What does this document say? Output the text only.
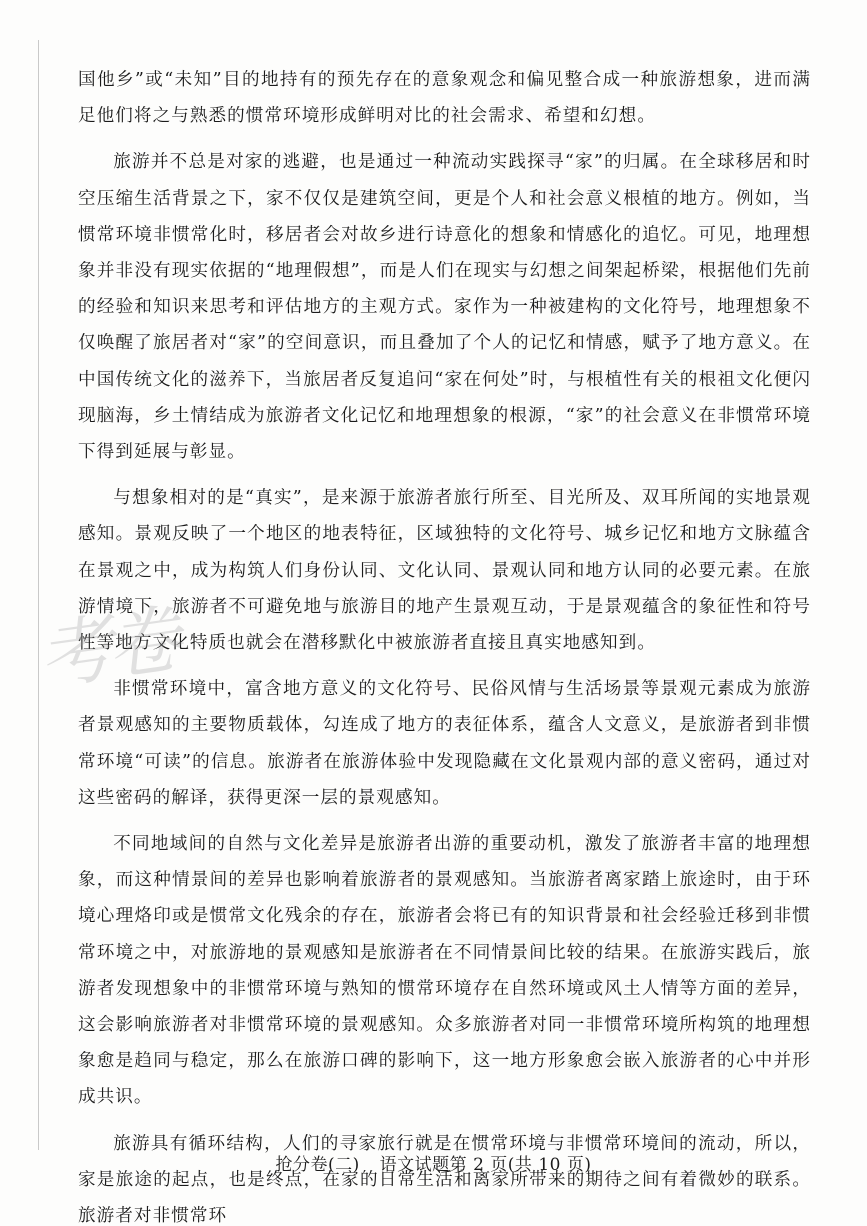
国他乡”或“未知”目的地持有的预先存在的意象观念和偏见整合成一种旅游想象，进而满足他们将之与熟悉的惯常环境形成鲜明对比的社会需求、希望和幻想。

旅游并不总是对家的逃避，也是通过一种流动实践探寻“家”的归属。在全球移居和时空压缩生活背景之下，家不仅仅是建筑空间，更是个人和社会意义根植的地方。例如，当惯常环境非惯常化时，移居者会对故乡进行诗意化的想象和情感化的追忆。可见，地理想象并非没有现实依据的“地理假想”，而是人们在现实与幻想之间架起桥梁，根据他们先前的经验和知识来思考和评估地方的主观方式。家作为一种被建构的文化符号，地理想象不仅唤醒了旅居者对“家”的空间意识，而且叠加了个人的记忆和情感，赋予了地方意义。在中国传统文化的滋养下，当旅居者反复追问“家在何处”时，与根植性有关的根祖文化便闪现脑海，乡土情结成为旅游者文化记忆和地理想象的根源，“家”的社会意义在非惯常环境下得到延展与彰显。

与想象相对的是“真实”，是来源于旅游者旅行所至、目光所及、双耳所闻的实地景观感知。景观反映了一个地区的地表特征，区域独特的文化符号、城乡记忆和地方文脉蕴含在景观之中，成为构筑人们身份认同、文化认同、景观认同和地方认同的必要元素。在旅游情境下，旅游者不可避免地与旅游目的地产生景观互动，于是景观蕴含的象征性和符号性等地方文化特质也就会在潜移默化中被旅游者直接且真实地感知到。

非惯常环境中，富含地方意义的文化符号、民俗风情与生活场景等景观元素成为旅游者景观感知的主要物质载体，勾连成了地方的表征体系，蕴含人文意义，是旅游者到非惯常环境“可读”的信息。旅游者在旅游体验中发现隐藏在文化景观内部的意义密码，通过对这些密码的解译，获得更深一层的景观感知。

不同地域间的自然与文化差异是旅游者出游的重要动机，激发了旅游者丰富的地理想象，而这种情景间的差异也影响着旅游者的景观感知。当旅游者离家踏上旅途时，由于环境心理烙印或是惯常文化残余的存在，旅游者会将已有的知识背景和社会经验迁移到非惯常环境之中，对旅游地的景观感知是旅游者在不同情景间比较的结果。在旅游实践后，旅游者发现想象中的非惯常环境与熟知的惯常环境存在自然环境或风土人情等方面的差异，这会影响旅游者对非惯常环境的景观感知。众多旅游者对同一非惯常环境所构筑的地理想象愈是趋同与稳定，那么在旅游口碑的影响下，这一地方形象愈会嵌入旅游者的心中并形成共识。

旅游具有循环结构，人们的寻家旅行就是在惯常环境与非惯常环境间的流动，所以，家是旅途的起点，也是终点，在家的日常生活和离家所带来的期待之间有着微妙的联系。旅游者对非惯常环

考卷
抢分卷(二) 语文试题第 2 页(共 10 页)
